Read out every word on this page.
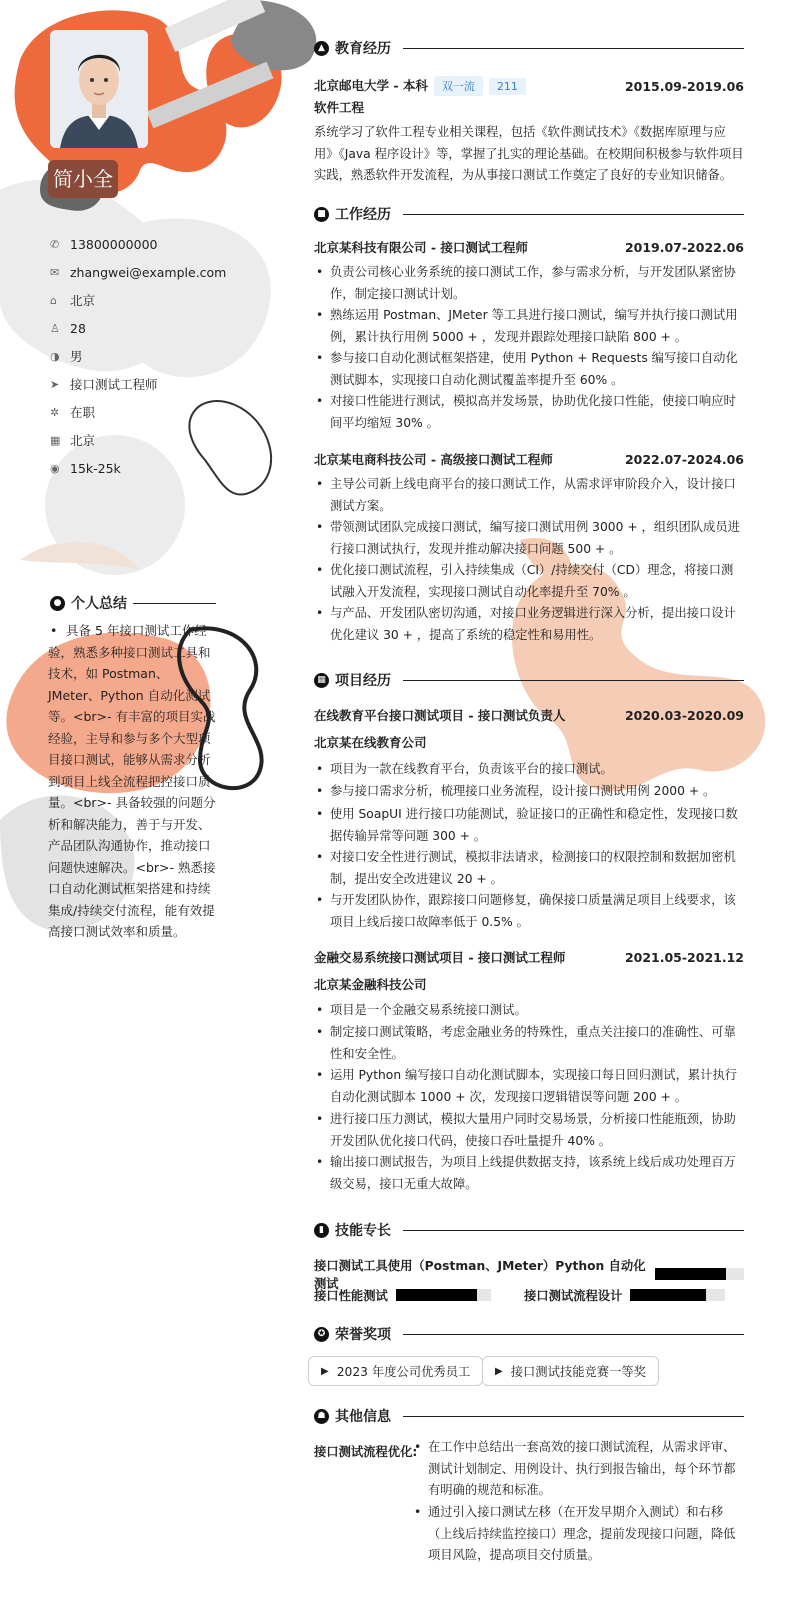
简小全
✆ 13800000000
✉ zhangwei@example.com
⌂	北京
♙ 28
◑ 男
➤ 接口测试工程师
✲ 在职
▦ 北京
◉ 15k-25k
● 个人总结
• 具备 5 年接口测试工作经验，熟悉多种接口测试工具和技术，如 Postman、JMeter、Python 自动化测试等。<br>- 有丰富的项目实战经验，主导和参与多个大型项目接口测试，能够从需求分析到项目上线全流程把控接口质量。<br>- 具备较强的问题分析和解决能力，善于与开发、产品团队沟通协作，推动接口问题快速解决。<br>- 熟悉接口自动化测试框架搭建和持续集成/持续交付流程，能有效提高接口测试效率和质量。
▲ 教育经历
北京邮电大学 - 本科 双一流 211	2015.09-2019.06
软件工程
系统学习了软件工程专业相关课程，包括《软件测试技术》《数据库原理与应用》《Java 程序设计》等，掌握了扎实的理论基础。在校期间积极参与软件项目实践，熟悉软件开发流程，为从事接口测试工作奠定了良好的专业知识储备。
■ 工作经历
北京某科技有限公司 - 接口测试工程师	2019.07-2022.06
• 负责公司核心业务系统的接口测试工作，参与需求分析，与开发团队紧密协作，制定接口测试计划。
• 熟练运用 Postman、JMeter 等工具进行接口测试，编写并执行接口测试用例，累计执行用例 5000 + ，发现并跟踪处理接口缺陷 800 + 。
• 参与接口自动化测试框架搭建，使用 Python + Requests 编写接口自动化测试脚本，实现接口自动化测试覆盖率提升至 60% 。
• 对接口性能进行测试，模拟高并发场景，协助优化接口性能，使接口响应时间平均缩短 30% 。
北京某电商科技公司 - 高级接口测试工程师	2022.07-2024.06
• 主导公司新上线电商平台的接口测试工作，从需求评审阶段介入，设计接口测试方案。
• 带领测试团队完成接口测试，编写接口测试用例 3000 + ，组织团队成员进行接口测试执行，发现并推动解决接口问题 500 + 。
• 优化接口测试流程，引入持续集成（CI）/持续交付（CD）理念，将接口测试融入开发流程，实现接口测试自动化率提升至 70% 。
• 与产品、开发团队密切沟通，对接口业务逻辑进行深入分析，提出接口设计优化建议 30 + ，提高了系统的稳定性和易用性。
▦ 项目经历
在线教育平台接口测试项目 - 接口测试负责人	2020.03-2020.09
北京某在线教育公司
• 项目为一款在线教育平台，负责该平台的接口测试。
• 参与接口需求分析，梳理接口业务流程，设计接口测试用例 2000 + 。
• 使用 SoapUI 进行接口功能测试，验证接口的正确性和稳定性，发现接口数据传输异常等问题 300 + 。
• 对接口安全性进行测试，模拟非法请求，检测接口的权限控制和数据加密机制，提出安全改进建议 20 + 。
• 与开发团队协作，跟踪接口问题修复，确保接口质量满足项目上线要求，该项目上线后接口故障率低于 0.5% 。
金融交易系统接口测试项目 - 接口测试工程师	2021.05-2021.12
北京某金融科技公司
• 项目是一个金融交易系统接口测试。
• 制定接口测试策略，考虑金融业务的特殊性，重点关注接口的准确性、可靠性和安全性。
• 运用 Python 编写接口自动化测试脚本，实现接口每日回归测试，累计执行自动化测试脚本 1000 + 次，发现接口逻辑错误等问题 200 + 。
• 进行接口压力测试，模拟大量用户同时交易场景，分析接口性能瓶颈，协助开发团队优化接口代码，使接口吞吐量提升 40% 。
• 输出接口测试报告，为项目上线提供数据支持，该系统上线后成功处理百万级交易，接口无重大故障。
▮ 技能专长
接口测试工具使用（Postman、JMeter）Python 自动化测试
接口性能测试	接口测试流程设计
✪ 荣誉奖项
▶ 2023 年度公司优秀员工 ▶ 接口测试技能竞赛一等奖
☗ 其他信息
接口测试流程优化:
• 在工作中总结出一套高效的接口测试流程，从需求评审、测试计划制定、用例设计、执行到报告输出，每个环节都有明确的规范和标准。
• 通过引入接口测试左移（在开发早期介入测试）和右移（上线后持续监控接口）理念，提前发现接口问题，降低项目风险，提高项目交付质量。
